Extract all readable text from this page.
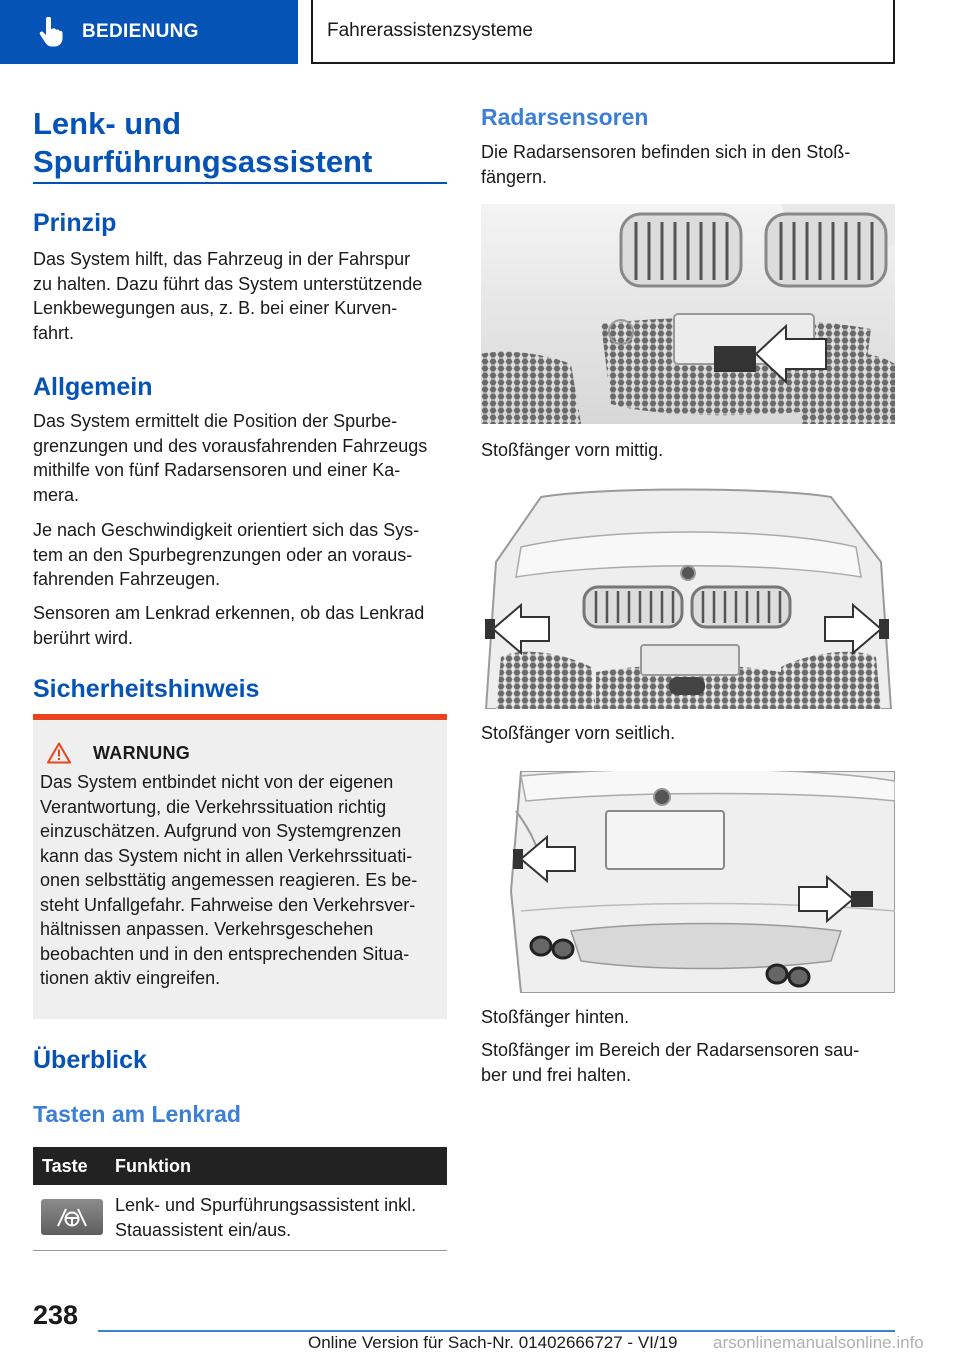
BEDIENUNG	Fahrerassistenzsysteme
Lenk- und
Spurführungsassistent
Prinzip
Das System hilft, das Fahrzeug in der Fahrspur
zu halten. Dazu führt das System unterstützende
Lenkbewegungen aus, z. B. bei einer Kurven-
fahrt.
Allgemein
Das System ermittelt die Position der Spurbe-
grenzungen und des vorausfahrenden Fahrzeugs
mithilfe von fünf Radarsensoren und einer Ka-
mera.
Je nach Geschwindigkeit orientiert sich das Sys-
tem an den Spurbegrenzungen oder an voraus-
fahrenden Fahrzeugen.
Sensoren am Lenkrad erkennen, ob das Lenkrad
berührt wird.
Sicherheitshinweis
WARNUNG
Das System entbindet nicht von der eigenen
Verantwortung, die Verkehrssituation richtig
einzuschätzen. Aufgrund von Systemgrenzen
kann das System nicht in allen Verkehrssituati-
onen selbsttätig angemessen reagieren. Es be-
steht Unfallgefahr. Fahrweise den Verkehrsver-
hältnissen anpassen. Verkehrsgeschehen
beobachten und in den entsprechenden Situa-
tionen aktiv eingreifen.
Überblick
Tasten am Lenkrad
Taste	Funktion
Lenk- und Spurführungsassistent inkl.
Stauassistent ein/aus.
Radarsensoren
Die Radarsensoren befinden sich in den Stoß-
fängern.
Stoßfänger vorn mittig.
Stoßfänger vorn seitlich.
Stoßfänger hinten.
Stoßfänger im Bereich der Radarsensoren sau-
ber und frei halten.
238
Online Version für Sach-Nr. 01402666727 - VI/19 arsonlinemanualsonline.info
